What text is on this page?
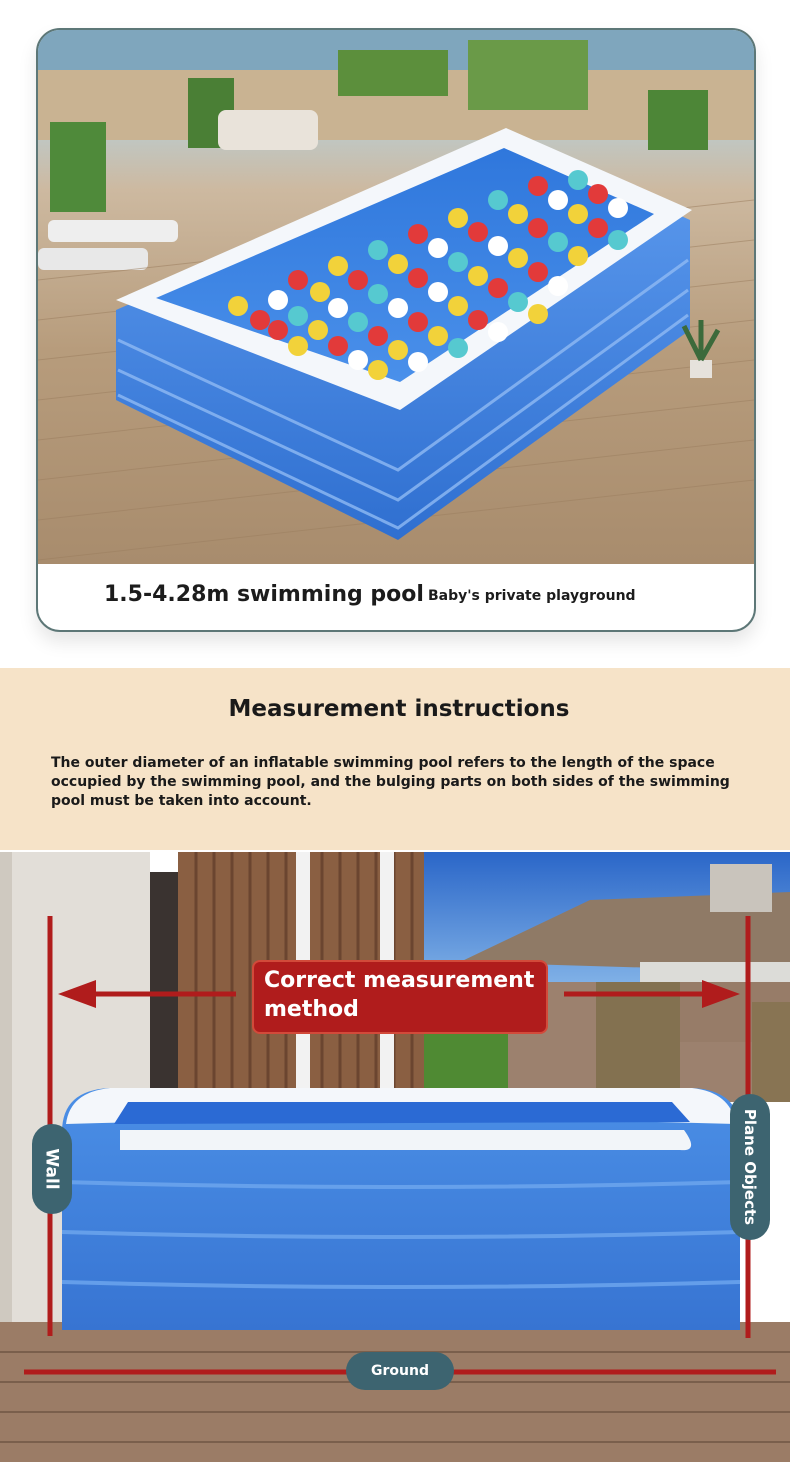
1.5-4.28m swimming pool Baby's private playground
Measurement instructions
The outer diameter of an inflatable swimming pool refers to the length of the space occupied by the swimming pool, and the bulging parts on both sides of the swimming pool must be taken into account.
Correct measurement method
Wall	Plane Objects
Ground
